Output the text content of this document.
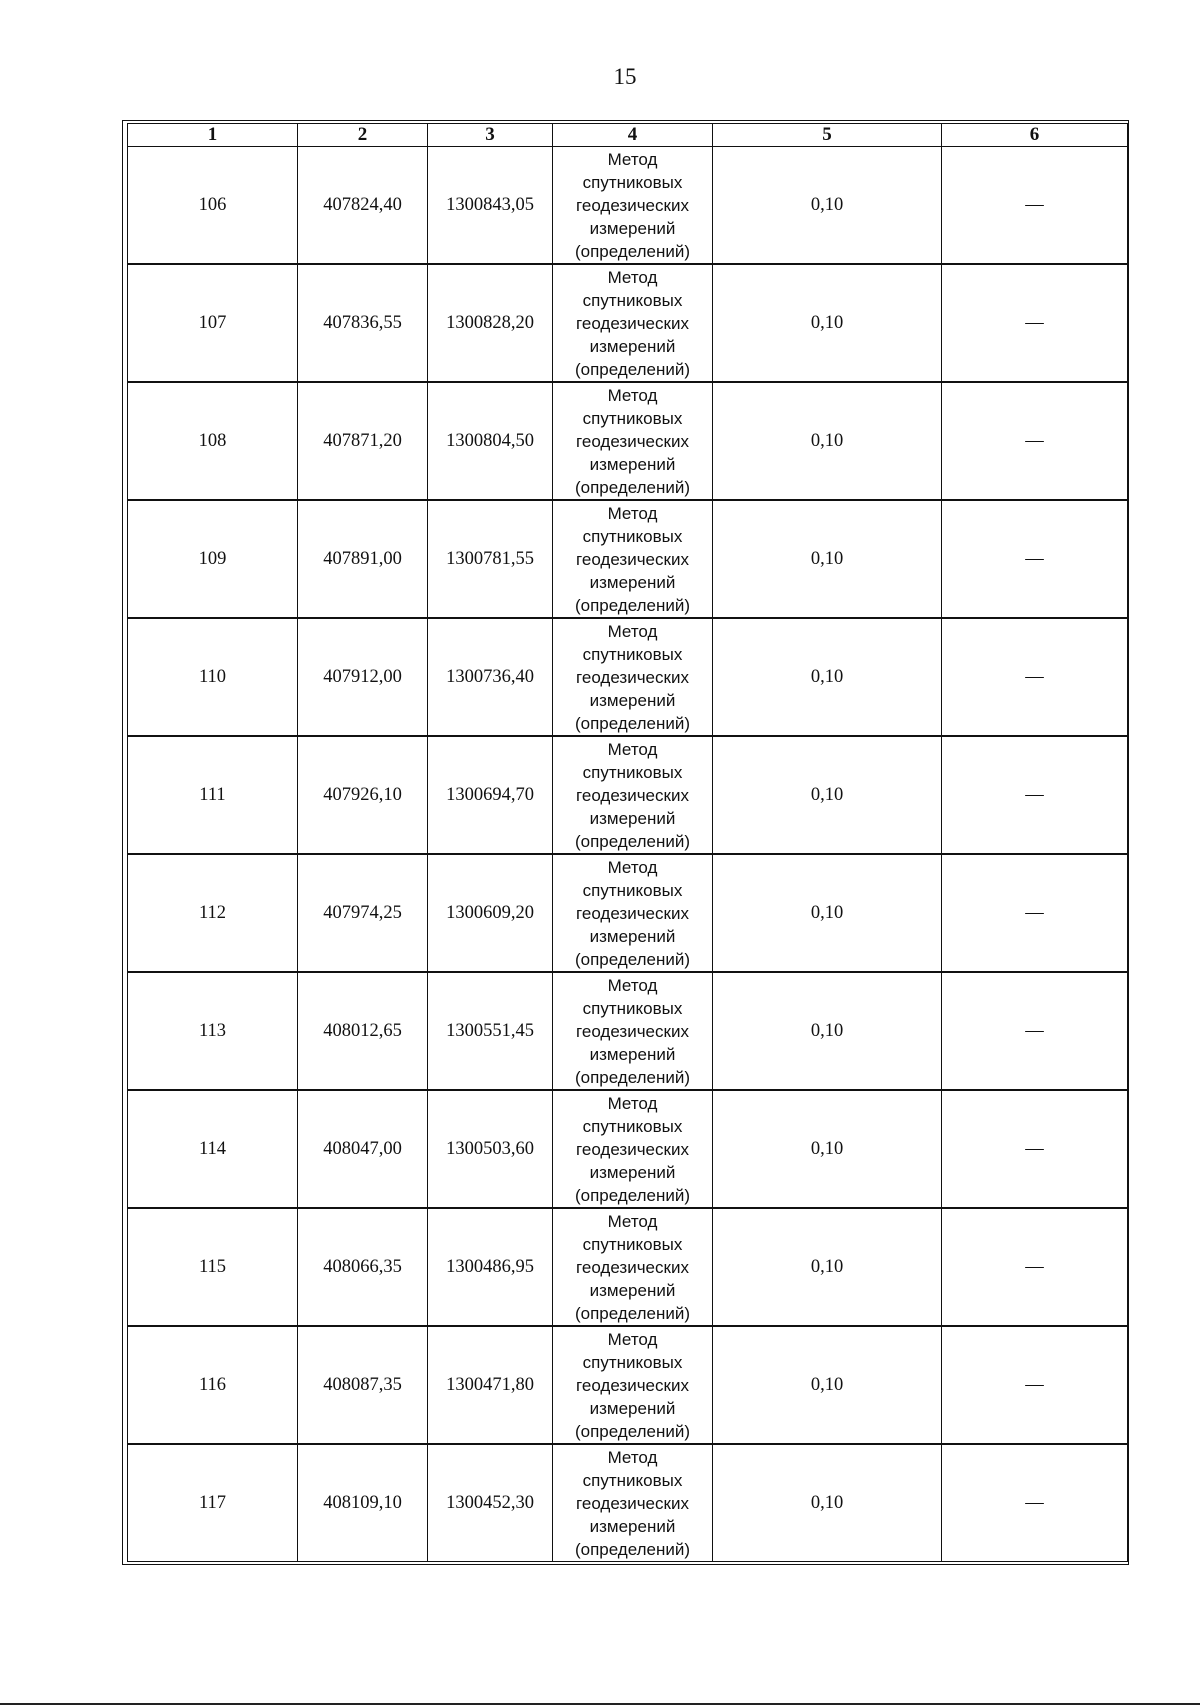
15
1	2	3	4	5	6
106	407824,40	1300843,05	Метод
спутниковых
геодезических
измерений
(определений)	0,10	—
107	407836,55	1300828,20	Метод
спутниковых
геодезических
измерений
(определений)	0,10	—
108	407871,20	1300804,50	Метод
спутниковых
геодезических
измерений
(определений)	0,10	—
109	407891,00	1300781,55	Метод
спутниковых
геодезических
измерений
(определений)	0,10	—
110	407912,00	1300736,40	Метод
спутниковых
геодезических
измерений
(определений)	0,10	—
111	407926,10	1300694,70	Метод
спутниковых
геодезических
измерений
(определений)	0,10	—
112	407974,25	1300609,20	Метод
спутниковых
геодезических
измерений
(определений)	0,10	—
113	408012,65	1300551,45	Метод
спутниковых
геодезических
измерений
(определений)	0,10	—
114	408047,00	1300503,60	Метод
спутниковых
геодезических
измерений
(определений)	0,10	—
115	408066,35	1300486,95	Метод
спутниковых
геодезических
измерений
(определений)	0,10	—
116	408087,35	1300471,80	Метод
спутниковых
геодезических
измерений
(определений)	0,10	—
117	408109,10	1300452,30	Метод
спутниковых
геодезических
измерений
(определений)	0,10	—
